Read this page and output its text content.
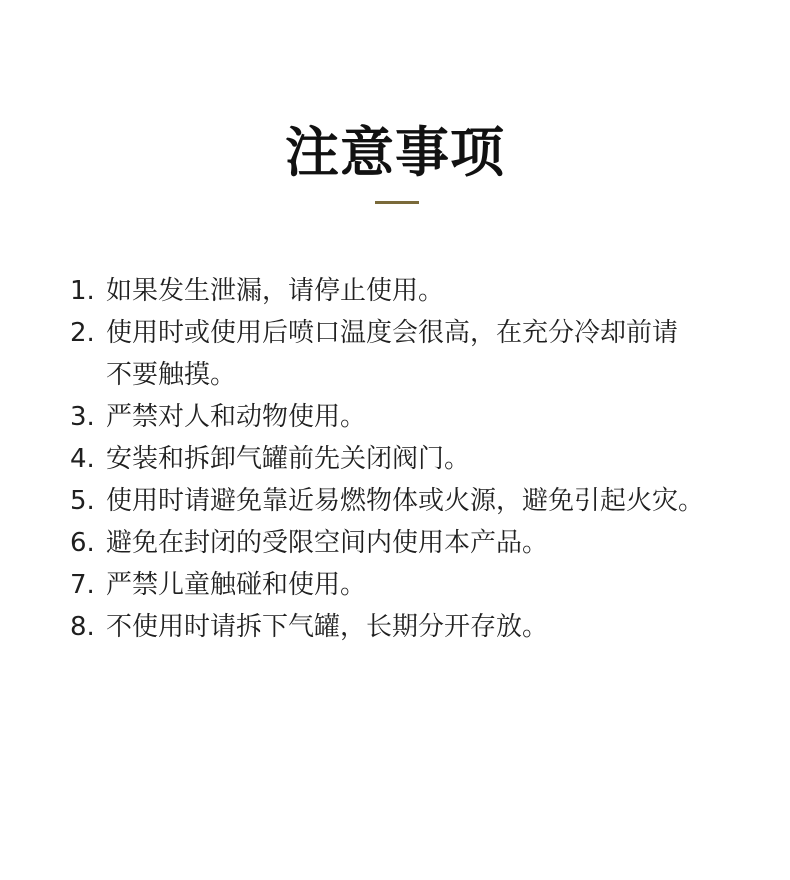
注意事项
1. 如果发生泄漏，请停止使用。
2. 使用时或使用后喷口温度会很高，在充分冷却前请
不要触摸。
3. 严禁对人和动物使用。
4. 安装和拆卸气罐前先关闭阀门。
5. 使用时请避免靠近易燃物体或火源，避免引起火灾。
6. 避免在封闭的受限空间内使用本产品。
7. 严禁儿童触碰和使用。
8. 不使用时请拆下气罐，长期分开存放。
